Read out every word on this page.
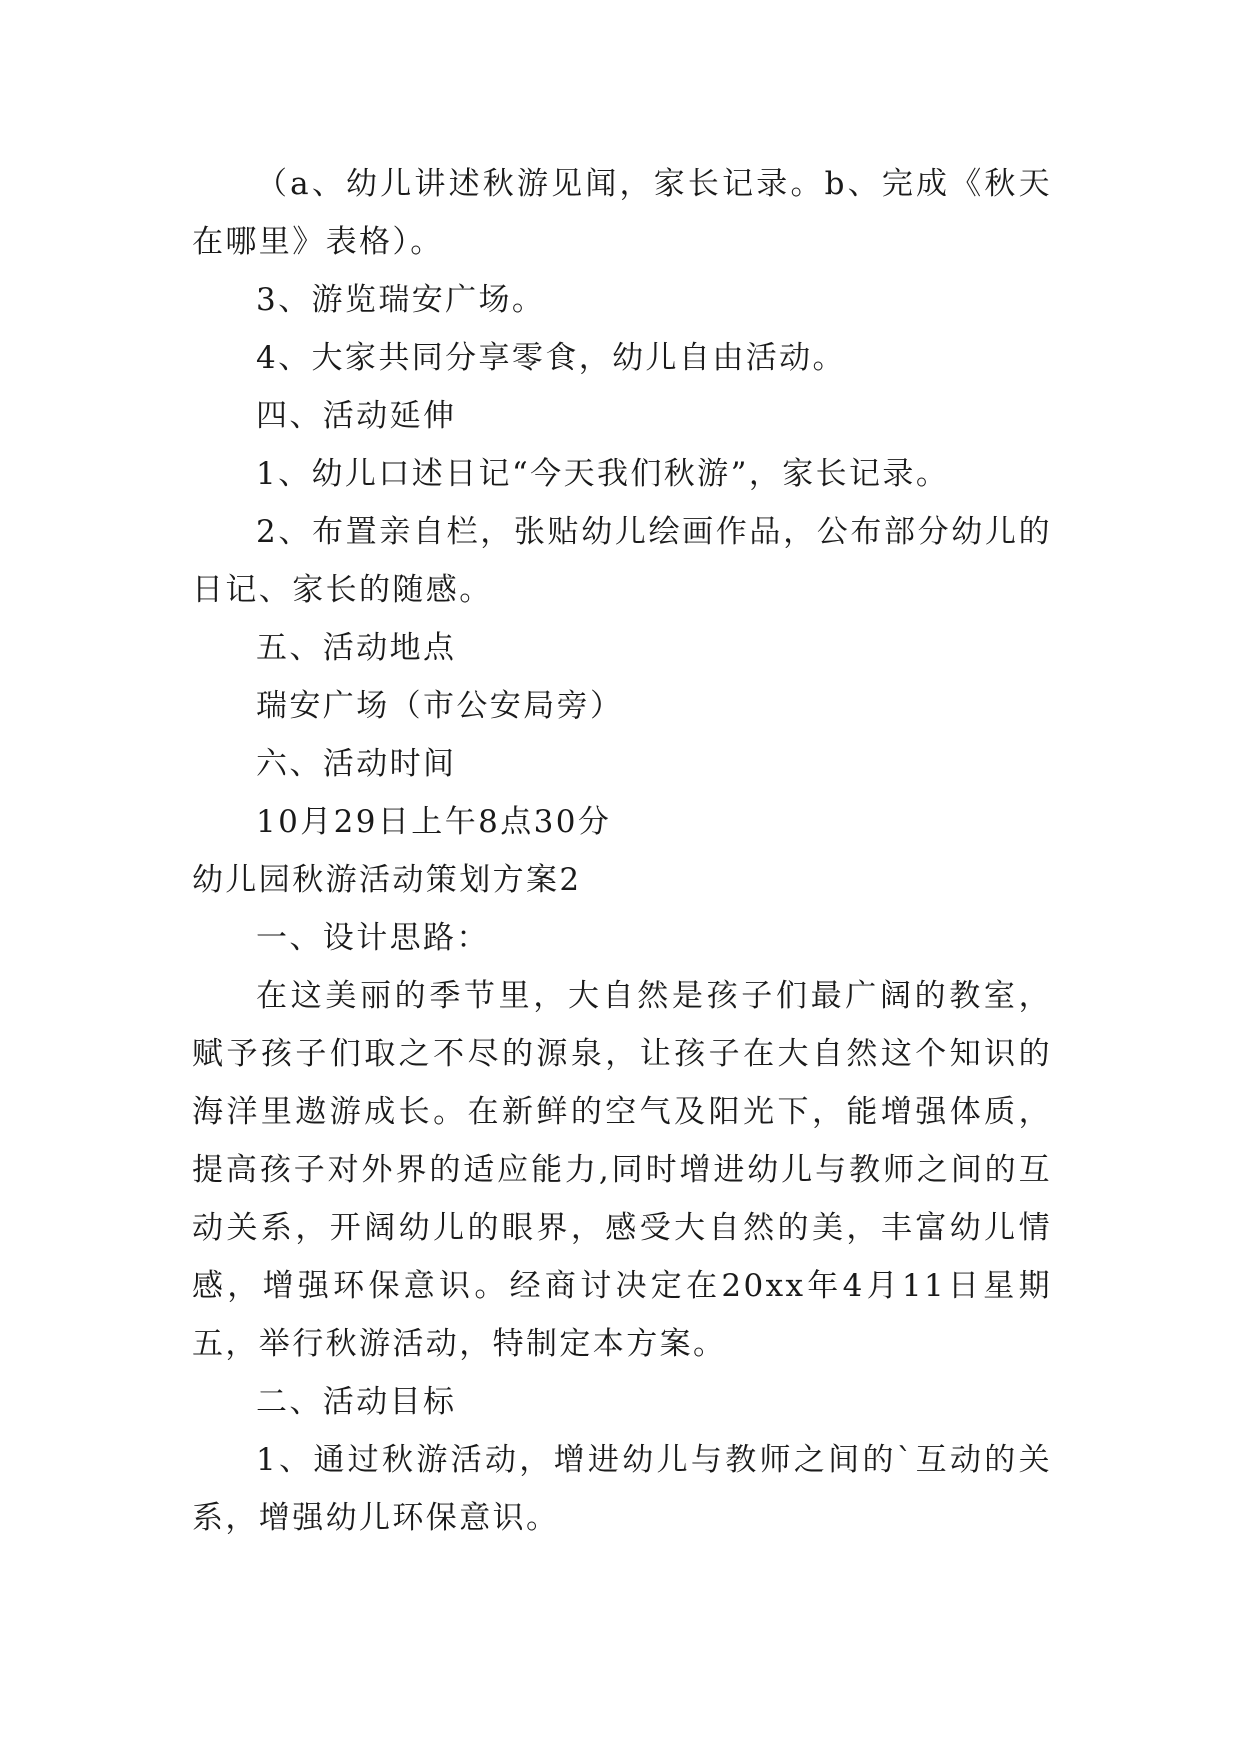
（a、幼儿讲述秋游见闻，家长记录。b、完成《秋天在哪里》表格）。

3、游览瑞安广场。

4、大家共同分享零食，幼儿自由活动。

四、活动延伸

1、幼儿口述日记“今天我们秋游”，家长记录。

2、布置亲自栏，张贴幼儿绘画作品，公布部分幼儿的日记、家长的随感。

五、活动地点

瑞安广场（市公安局旁）

六、活动时间

10月29日上午8点30分

幼儿园秋游活动策划方案2

一、设计思路：

在这美丽的季节里，大自然是孩子们最广阔的教室，赋予孩子们取之不尽的源泉，让孩子在大自然这个知识的海洋里遨游成长。在新鲜的空气及阳光下，能增强体质，提高孩子对外界的适应能力,同时增进幼儿与教师之间的互动关系，开阔幼儿的眼界，感受大自然的美，丰富幼儿情感，增强环保意识。经商讨决定在20xx年4月11日星期五，举行秋游活动，特制定本方案。

二、活动目标

1、通过秋游活动，增进幼儿与教师之间的`互动的关系，增强幼儿环保意识。
